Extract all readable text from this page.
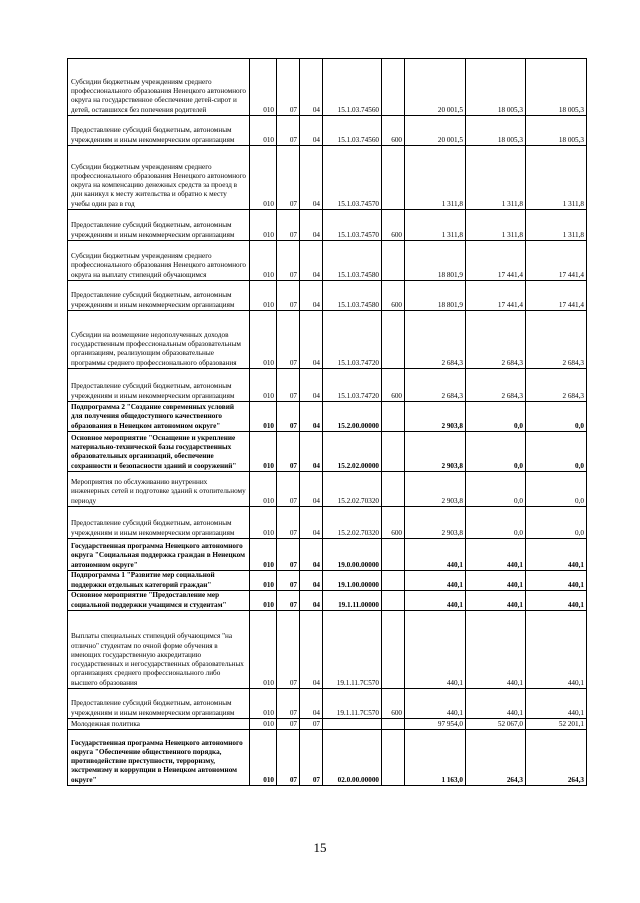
Субсидии бюджетным учреждениям среднего профессионального образования Ненецкого автономного округа на государственное обеспечение детей-сирот и детей, оставшихся без попечения родителей	010	07	04	15.1.03.74560		20 001,5	18 005,3	18 005,3
Предоставление субсидий бюджетным, автономным учреждениям и иным некоммерческим организациям	010	07	04	15.1.03.74560	600	20 001,5	18 005,3	18 005,3
Субсидии бюджетным учреждениям среднего профессионального образования Ненецкого автономного округа на компенсацию денежных средств за проезд в дни каникул к месту жительства и обратно к месту учебы один раз в год	010	07	04	15.1.03.74570		1 311,8	1 311,8	1 311,8
Предоставление субсидий бюджетным, автономным учреждениям и иным некоммерческим организациям	010	07	04	15.1.03.74570	600	1 311,8	1 311,8	1 311,8
Субсидии бюджетным учреждениям среднего профессионального образования Ненецкого автономного округа на выплату стипендий обучающимся	010	07	04	15.1.03.74580		18 801,9	17 441,4	17 441,4
Предоставление субсидий бюджетным, автономным учреждениям и иным некоммерческим организациям	010	07	04	15.1.03.74580	600	18 801,9	17 441,4	17 441,4
Субсидии на возмещение недополученных доходов государственным профессиональным образовательным организациям, реализующим образовательные программы среднего профессионального образования	010	07	04	15.1.03.74720		2 684,3	2 684,3	2 684,3
Предоставление субсидий бюджетным, автономным учреждениям и иным некоммерческим организациям	010	07	04	15.1.03.74720	600	2 684,3	2 684,3	2 684,3
Подпрограмма 2 "Создание современных условий для получения общедоступного качественного образования в Ненецком автономном округе"	010	07	04	15.2.00.00000		2 903,8	0,0	0,0
Основное мероприятие "Оснащение и укрепление материально-технической базы государственных образовательных организаций, обеспечение сохранности и безопасности зданий и сооружений"	010	07	04	15.2.02.00000		2 903,8	0,0	0,0
Мероприятия по обслуживанию внутренних инженерных сетей и подготовке зданий к отопительному периоду	010	07	04	15.2.02.70320		2 903,8	0,0	0,0
Предоставление субсидий бюджетным, автономным учреждениям и иным некоммерческим организациям	010	07	04	15.2.02.70320	600	2 903,8	0,0	0,0
Государственная программа Ненецкого автономного округа "Социальная поддержка граждан в Ненецком автономном округе"	010	07	04	19.0.00.00000		440,1	440,1	440,1
Подпрограмма 1 "Развитие мер социальной поддержки отдельных категорий граждан"	010	07	04	19.1.00.00000		440,1	440,1	440,1
Основное мероприятие "Предоставление мер социальной поддержки учащимся и студентам"	010	07	04	19.1.11.00000		440,1	440,1	440,1
Выплаты специальных стипендий обучающимся "на отлично" студентам по очной форме обучения в имеющих государственную аккредитацию государственных и негосударственных образовательных организациях среднего профессионального либо высшего образования	010	07	04	19.1.11.7С570		440,1	440,1	440,1
Предоставление субсидий бюджетным, автономным учреждениям и иным некоммерческим организациям	010	07	04	19.1.11.7С570	600	440,1	440,1	440,1
Молодежная политика	010	07	07			97 954,0	52 067,0	52 201,1
Государственная программа Ненецкого автономного округа "Обеспечение общественного порядка, противодействие преступности, терроризму, экстремизму и коррупции в Ненецком автономном округе"	010	07	07	02.0.00.00000		1 163,0	264,3	264,3
15
